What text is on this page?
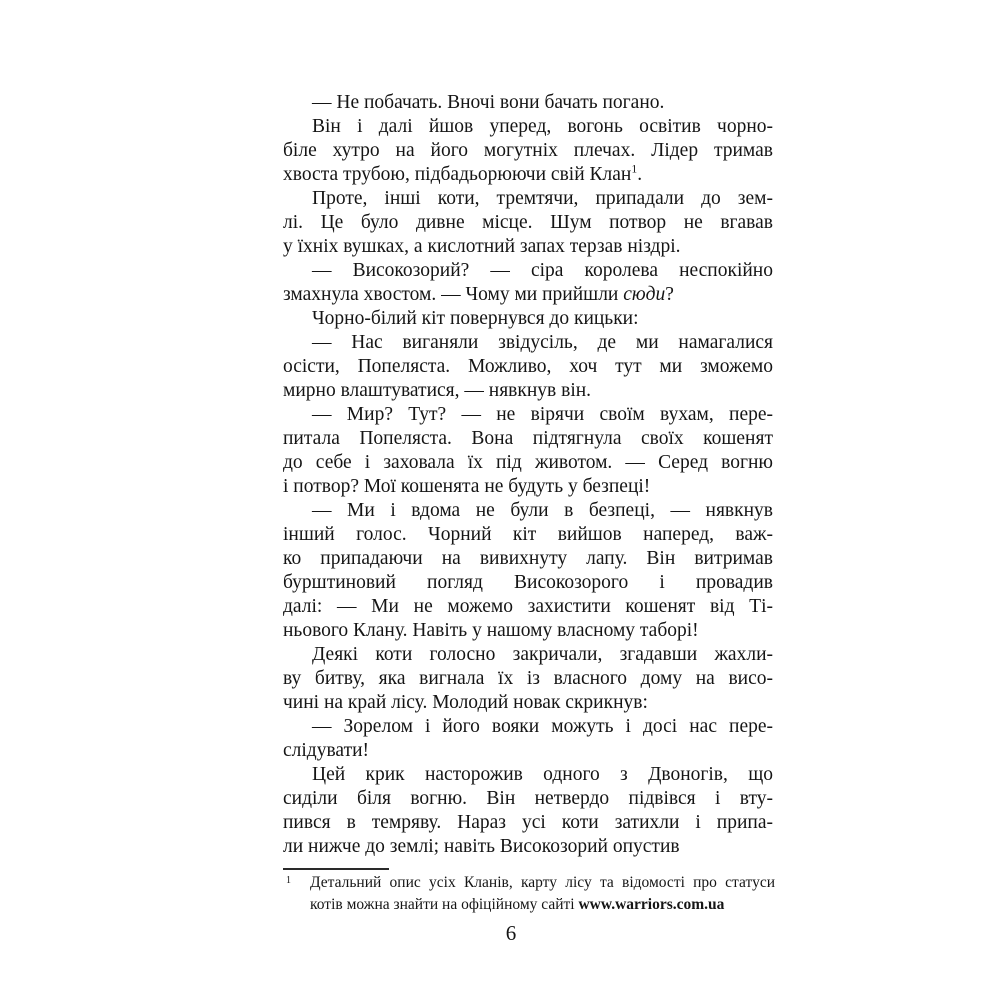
— Не побачать. Вночі вони бачать погано.
Він і далі йшов уперед, вогонь освітив чорно-
біле хутро на його могутніх плечах. Лідер тримав
хвоста трубою, підбадьорюючи свій Клан$^1$.
Проте, інші коти, тремтячи, припадали до зем-
лі. Це було дивне місце. Шум потвор не вгавав
у їхніх вушках, а кислотний запах терзав ніздрі.
— Високозорий? — сіра королева неспокійно
змахнула хвостом. — Чому ми прийшли сюди?
Чорно-білий кіт повернувся до кицьки:
— Нас виганяли звідусіль, де ми намагалися
осісти, Попеляста. Можливо, хоч тут ми зможемо
мирно влаштуватися, — нявкнув він.
— Мир? Тут? — не вірячи своїм вухам, пере-
питала Попеляста. Вона підтягнула своїх кошенят
до себе і заховала їх під животом. — Серед вогню
і потвор? Мої кошенята не будуть у безпеці!
— Ми і вдома не були в безпеці, — нявкнув
інший голос. Чорний кіт вийшов наперед, важ-
ко припадаючи на вивихнуту лапу. Він витримав
бурштиновий погляд Високозорого і провадив
далі: — Ми не можемо захистити кошенят від Ті-
ньового Клану. Навіть у нашому власному таборі!
Деякі коти голосно закричали, згадавши жахли-
ву битву, яка вигнала їх із власного дому на висо-
чині на край лісу. Молодий новак скрикнув:
— Зорелом і його вояки можуть і досі нас пере-
слідувати!
Цей крик насторожив одного з Двоногів, що
сиділи біля вогню. Він нетвердо підвівся і вту-
пився в темряву. Нараз усі коти затихли і припа-
ли нижче до землі; навіть Високозорий опустив
1	Детальний опис усіх Кланів, карту лісу та відомості про статуси
котів можна знайти на офіційному сайті www.warriors.com.ua
6
